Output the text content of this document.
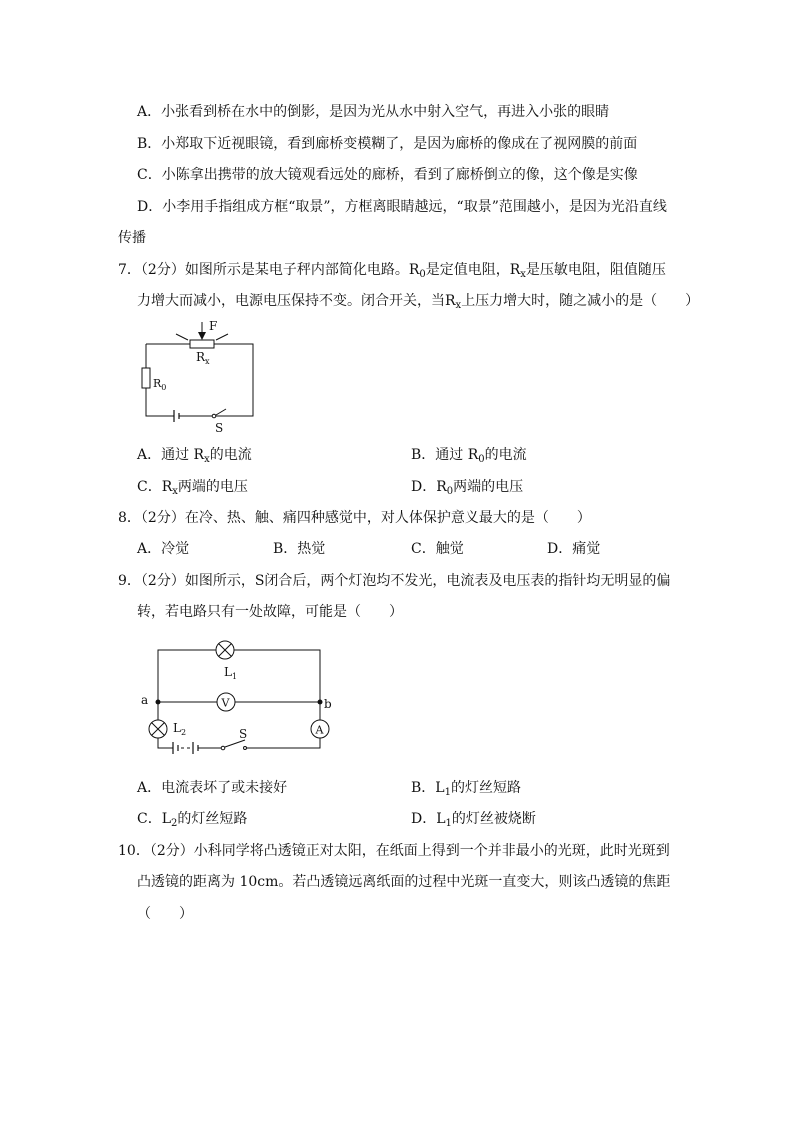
A．小张看到桥在水中的倒影，是因为光从水中射入空气，再进入小张的眼睛
B．小郑取下近视眼镜，看到廊桥变模糊了，是因为廊桥的像成在了视网膜的前面
C．小陈拿出携带的放大镜观看远处的廊桥，看到了廊桥倒立的像，这个像是实像
D．小李用手指组成方框“取景”，方框离眼睛越远，“取景”范围越小，是因为光沿直线
传播
7．（2分）如图所示是某电子秤内部简化电路。$R_0$是定值电阻，$R_x$是压敏电阻，阻值随压
力增大而减小，电源电压保持不变。闭合开关，当$R_x$上压力增大时，随之减小的是（　　）
F
$R_x$
$R_0$
S
A．通过 $R_x$的电流	B．通过 $R_0$的电流
C．$R_x$两端的电压	D．$R_0$两端的电压
8．（2分）在冷、热、触、痛四种感觉中，对人体保护意义最大的是（　　）
A．冷觉	B．热觉	C．触觉	D．痛觉
9．（2分）如图所示，S闭合后，两个灯泡均不发光，电流表及电压表的指针均无明显的偏
转，若电路只有一处故障，可能是（　　）
$L_1$
V
a	b
$L_2$	A
S
A．电流表坏了或未接好	B．$L_1$的灯丝短路
C．$L_2$的灯丝短路	D．$L_1$的灯丝被烧断
10．（2分）小科同学将凸透镜正对太阳，在纸面上得到一个并非最小的光斑，此时光斑到
凸透镜的距离为 10cm。若凸透镜远离纸面的过程中光斑一直变大，则该凸透镜的焦距
（　　）
